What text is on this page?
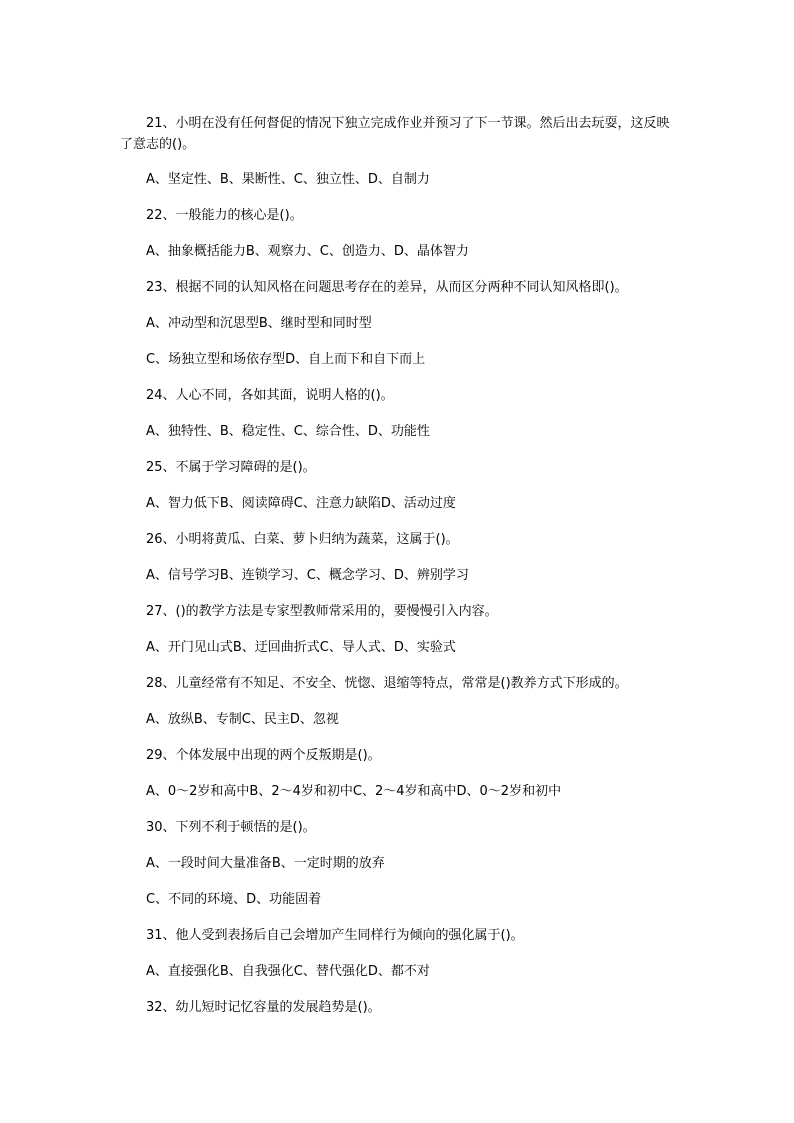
21、小明在没有任何督促的情况下独立完成作业并预习了下一节课。然后出去玩耍，这反映了意志的()。

A、坚定性、B、果断性、C、独立性、D、自制力

22、一般能力的核心是()。

A、抽象概括能力B、观察力、C、创造力、D、晶体智力

23、根据不同的认知风格在问题思考存在的差异，从而区分两种不同认知风格即()。

A、冲动型和沉思型B、继时型和同时型

C、场独立型和场依存型D、自上而下和自下而上

24、人心不同，各如其面，说明人格的()。

A、独特性、B、稳定性、C、综合性、D、功能性

25、不属于学习障碍的是()。

A、智力低下B、阅读障碍C、注意力缺陷D、活动过度

26、小明将黄瓜、白菜、萝卜归纳为蔬菜，这属于()。

A、信号学习B、连锁学习、C、概念学习、D、辨别学习

27、()的教学方法是专家型教师常采用的，要慢慢引入内容。

A、开门见山式B、迂回曲折式C、导人式、D、实验式

28、儿童经常有不知足、不安全、恍惚、退缩等特点，常常是()教养方式下形成的。

A、放纵B、专制C、民主D、忽视

29、个体发展中出现的两个反叛期是()。

A、0～2岁和高中B、2～4岁和初中C、2～4岁和高中D、0～2岁和初中

30、下列不利于顿悟的是()。

A、一段时间大量准备B、一定时期的放弃

C、不同的环境、D、功能固着

31、他人受到表扬后自己会增加产生同样行为倾向的强化属于()。

A、直接强化B、自我强化C、替代强化D、都不对

32、幼儿短时记忆容量的发展趋势是()。
